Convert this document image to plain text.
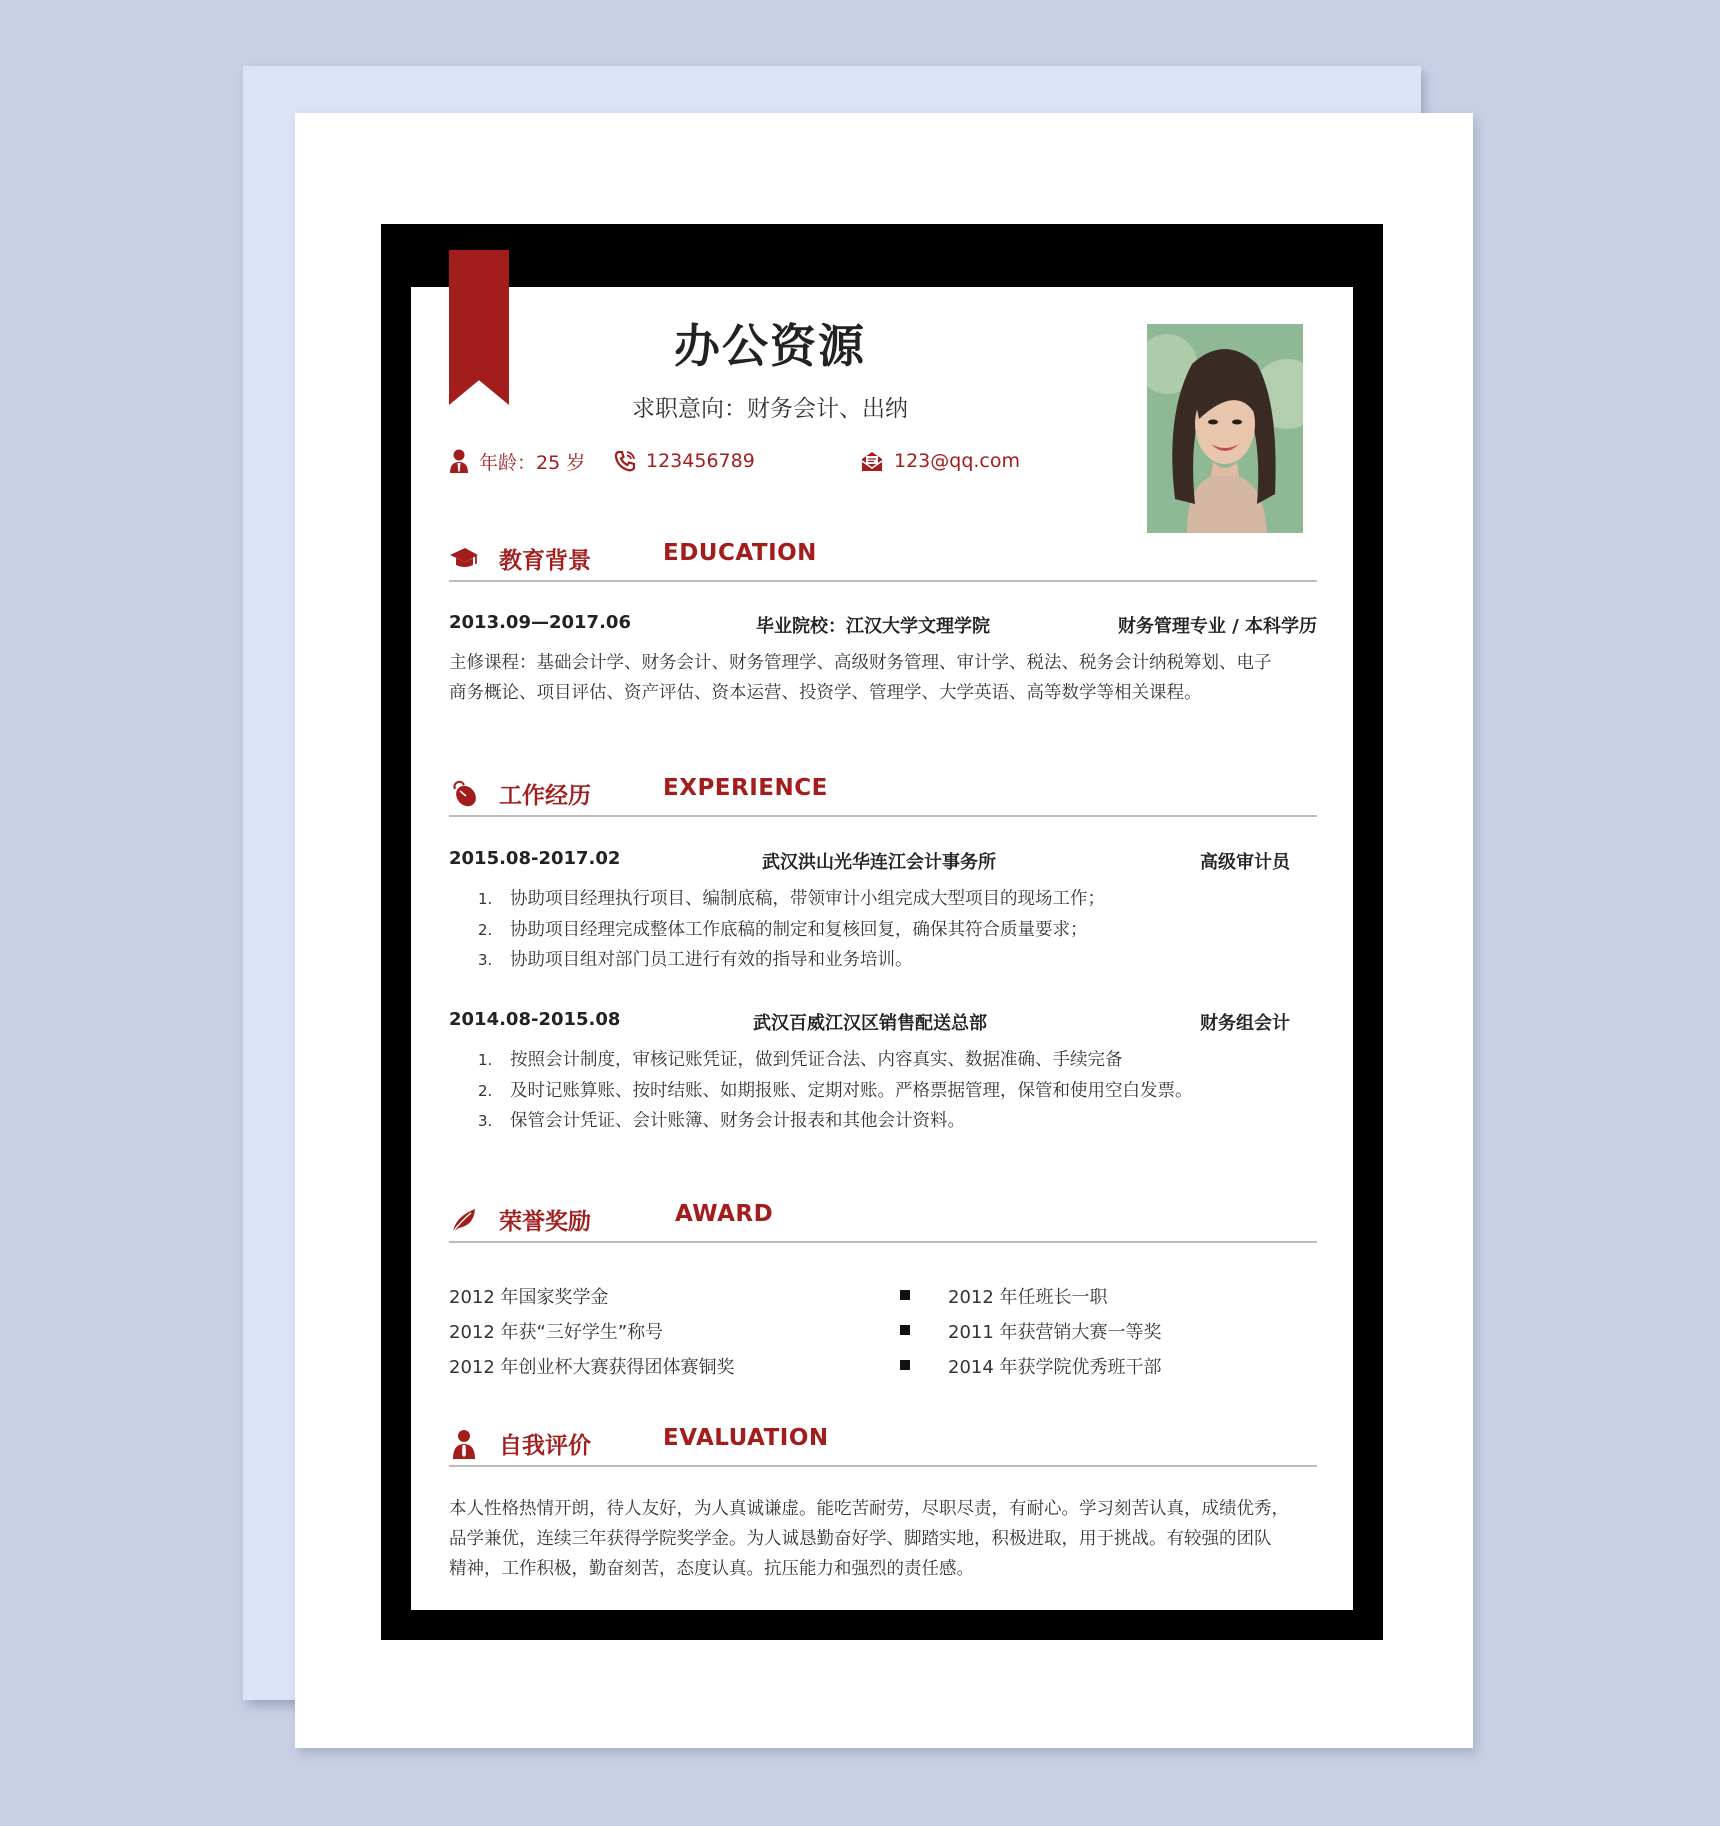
办公资源
求职意向：财务会计、出纳
年龄：25 岁	123456789	123@qq.com
教育背景	EDUCATION
2013.09—2017.06	毕业院校：江汉大学文理学院	财务管理专业 / 本科学历
主修课程：基础会计学、财务会计、财务管理学、高级财务管理、审计学、税法、税务会计纳税筹划、电子
商务概论、项目评估、资产评估、资本运营、投资学、管理学、大学英语、高等数学等相关课程。
工作经历	EXPERIENCE
2015.08-2017.02	武汉洪山光华连江会计事务所	高级审计员
1. 协助项目经理执行项目、编制底稿，带领审计小组完成大型项目的现场工作；
2. 协助项目经理完成整体工作底稿的制定和复核回复，确保其符合质量要求；
3. 协助项目组对部门员工进行有效的指导和业务培训。
2014.08-2015.08	武汉百威江汉区销售配送总部	财务组会计
1. 按照会计制度，审核记账凭证，做到凭证合法、内容真实、数据准确、手续完备
2. 及时记账算账、按时结账、如期报账、定期对账。严格票据管理，保管和使用空白发票。
3. 保管会计凭证、会计账簿、财务会计报表和其他会计资料。
荣誉奖励	AWARD
2012 年国家奖学金
2012 年获“三好学生”称号
2012 年创业杯大赛获得团体赛铜奖
2012 年任班长一职
2011 年获营销大赛一等奖
2014 年获学院优秀班干部
自我评价	EVALUATION
本人性格热情开朗，待人友好，为人真诚谦虚。能吃苦耐劳，尽职尽责，有耐心。学习刻苦认真，成绩优秀，
品学兼优，连续三年获得学院奖学金。为人诚恳勤奋好学、脚踏实地，积极进取，用于挑战。有较强的团队
精神，工作积极，勤奋刻苦，态度认真。抗压能力和强烈的责任感。
